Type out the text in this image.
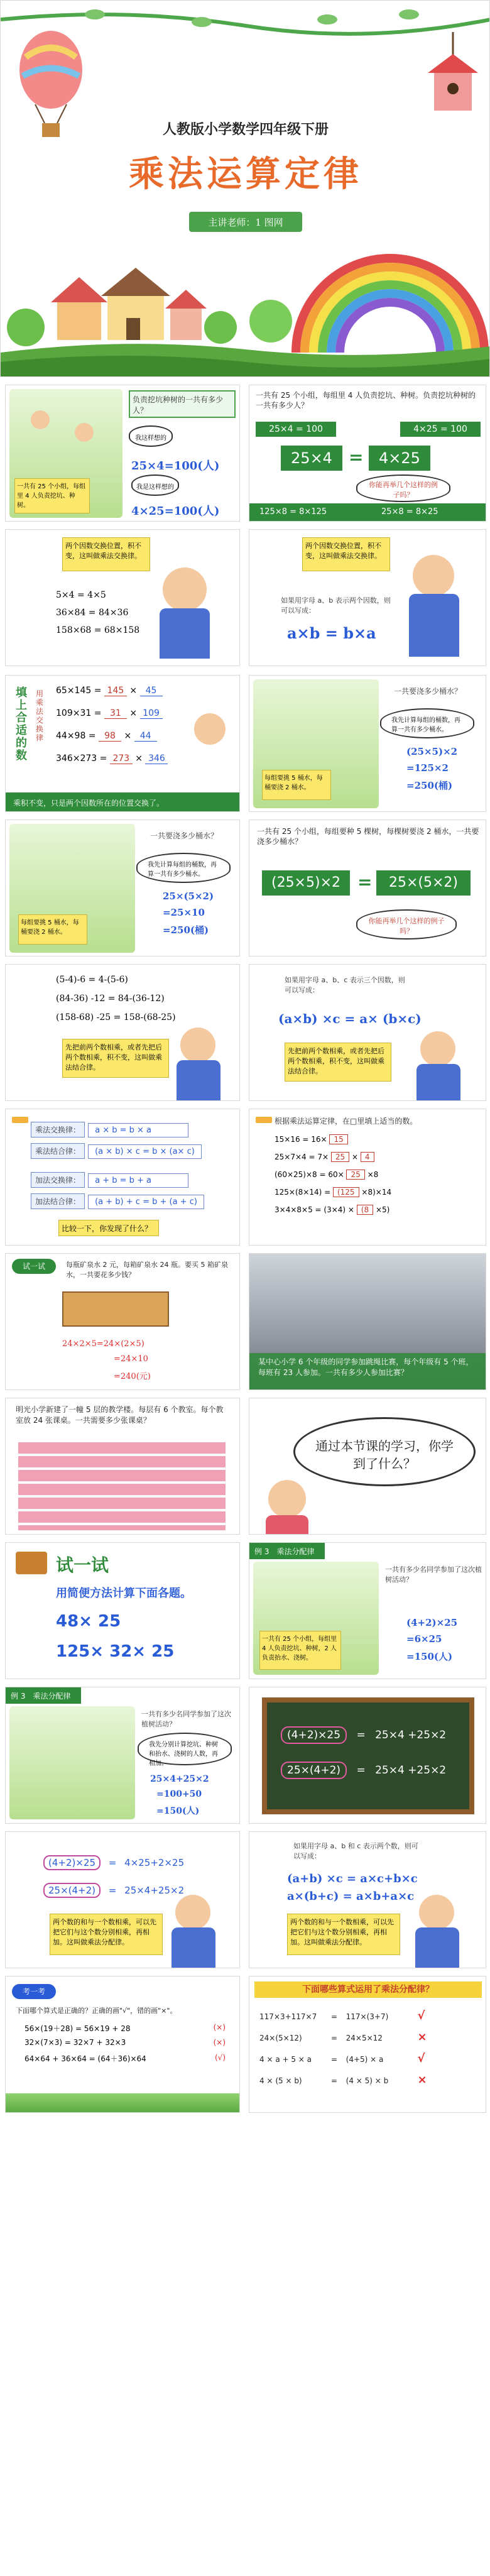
人教版小学数学四年级下册
乘法运算定律
主讲老师：1 图网
一共有 25 个小组，每组里 4 人负责挖坑、种树。
负责挖坑种树的一共有多少人？
我这样想的
25×4=100(人)
我是这样想的
4×25=100(人)
一共有 25 个小组，每组里 4 人负责挖坑、种树。负责挖坑种树的一共有多少人？
25×4 = 100	4×25 = 100
25×4 =	4×25
你能再举几个这样的例子吗？
125×8 = 8×125	25×8 = 8×25
两个因数交换位置，积不变，这叫做乘法交换律。
5×4 = 4×5
36×84 = 84×36
158×68 = 68×158
两个因数交换位置，积不变，这叫做乘法交换律。
如果用字母 a、b 表示两个因数，则可以写成：
a×b = b×a
填上合适的数
用乘法交换律
65×145 = 145 × 45
109×31 = 31 × 109
44×98 = 98 × 44
346×273 = 273 × 346
乘积不变，只是两个因数所在的位置交换了。
每组要挑 5 桶水，每桶要浇 2 桶水。
一共要浇多少桶水？
我先计算每组的桶数，再算一共有多少桶水。
(25×5)×2
=125×2
=250(桶)
每组要挑 5 桶水，每桶要浇 2 桶水。
一共要浇多少桶水？
我先计算每组的桶数，再算一共有多少桶水。
25×(5×2)
=25×10
=250(桶)
一共有 25 个小组，每组要种 5 棵树，每棵树要浇 2 桶水，一共要浇多少桶水？
(25×5)×2 =	25×(5×2)
你能再举几个这样的例子吗？
(5-4)-6 = 4-(5-6)
(84-36) -12 = 84-(36-12)
(158-68) -25 = 158-(68-25)
先把前两个数相乘，或者先把后两个数相乘，积不变，这叫做乘法结合律。
如果用字母 a、b、c 表示三个因数，则可以写成：
(a×b) ×c = a× (b×c)
先把前两个数相乘，或者先把后两个数相乘，积不变，这叫做乘法结合律。
乘法交换律： a × b = b × a
乘法结合律： (a × b) × c = b × (a× c)
加法交换律： a + b = b + a
加法结合律： (a + b) + c = b + (a + c)
比较一下，你发现了什么？
根据乘法运算定律，在□里填上适当的数。
15×16 = 16× 15
25×7×4 = 7× 25 × 4
(60×25)×8 = 60× 25 ×8
125×(8×14) = (125 ×8)×14
3×4×8×5 = (3×4) × (8 ×5)
试一试	每瓶矿泉水 2 元，每箱矿泉水 24 瓶。要买 5 箱矿泉水，一共要花多少钱？
24×2×5=24×(2×5)
=24×10
=240(元)
某中心小学 6 个年级的同学参加跳绳比赛，每个年级有 5 个班，每班有 23 人参加。一共有多少人参加比赛？
明光小学新建了一幢 5 层的教学楼。每层有 6 个教室。每个教室放 24 张课桌。一共需要多少张课桌？
通过本节课的学习，你学到了什么？
试一试
用简便方法计算下面各题。
48× 25
125× 32× 25
例 3　乘法分配律
一共有 25 个小组，每组里 4 人负责挖坑、种树，2 人负责抬水、浇树。
一共有多少名同学参加了这次植树活动？
(4+2)×25
=6×25
=150(人)
例 3　乘法分配律
一共有多少名同学参加了这次植树活动？
我先分别计算挖坑、种树和抬水、浇树的人数，再相加。
25×4+25×2
=100+50
=150(人)
(4+2)×25 = 25×4 +25×2
25×(4+2) = 25×4 +25×2
(4+2)×25 = 4×25+2×25
25×(4+2) = 25×4+25×2
两个数的和与一个数相乘，可以先把它们与这个数分别相乘，再相加。这叫做乘法分配律。
如果用字母 a、b 和 c 表示两个数，则可以写成：
(a+b) ×c = a×c+b×c
a×(b+c) = a×b+a×c
两个数的和与一个数相乘，可以先把它们与这个数分别相乘，再相加。这叫做乘法分配律。
考一考
下面哪个算式是正确的？正确的画"√"，错的画"×"。
56×(19＋28) = 56×19 + 28	(×)
32×(7×3) = 32×7 + 32×3	(×)
64×64 + 36×64 = (64＋36)×64	(√)
下面哪些算式运用了乘法分配律？
117×3+117×7 = 117×(3+7)	√
24×(5×12)	= 24×5×12	×
4 × a + 5 × a	= (4+5) × a	√
4 × (5 × b)	= (4 × 5) × b	×
